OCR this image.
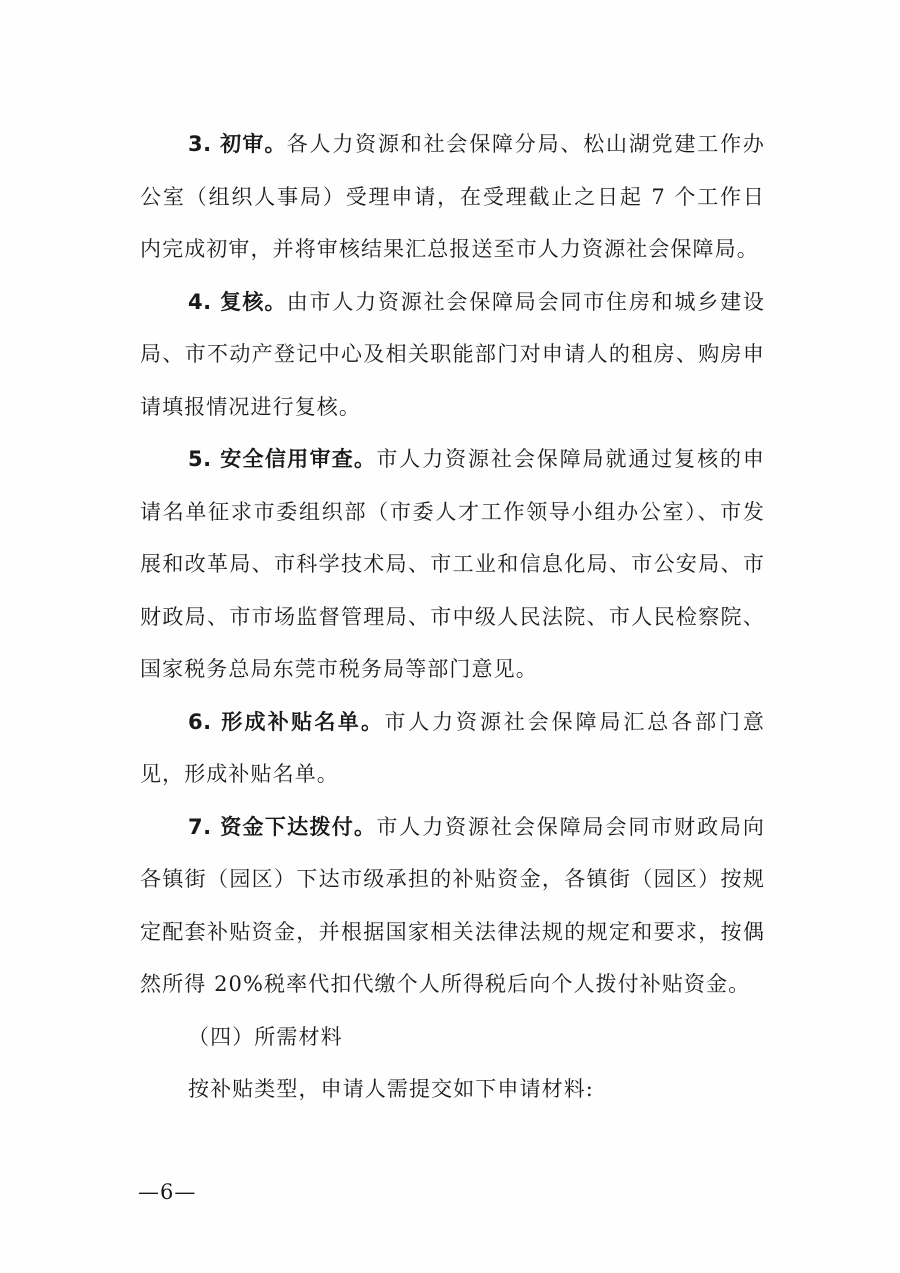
3. 初审。各人力资源和社会保障分局、松山湖党建工作办公室（组织人事局）受理申请，在受理截止之日起 7 个工作日内完成初审，并将审核结果汇总报送至市人力资源社会保障局。

4. 复核。由市人力资源社会保障局会同市住房和城乡建设局、市不动产登记中心及相关职能部门对申请人的租房、购房申请填报情况进行复核。

5. 安全信用审查。市人力资源社会保障局就通过复核的申请名单征求市委组织部（市委人才工作领导小组办公室）、市发展和改革局、市科学技术局、市工业和信息化局、市公安局、市财政局、市市场监督管理局、市中级人民法院、市人民检察院、国家税务总局东莞市税务局等部门意见。

6. 形成补贴名单。市人力资源社会保障局汇总各部门意见，形成补贴名单。

7. 资金下达拨付。市人力资源社会保障局会同市财政局向各镇街（园区）下达市级承担的补贴资金，各镇街（园区）按规定配套补贴资金，并根据国家相关法律法规的规定和要求，按偶然所得 20%税率代扣代缴个人所得税后向个人拨付补贴资金。

（四）所需材料

按补贴类型，申请人需提交如下申请材料:

—6—
